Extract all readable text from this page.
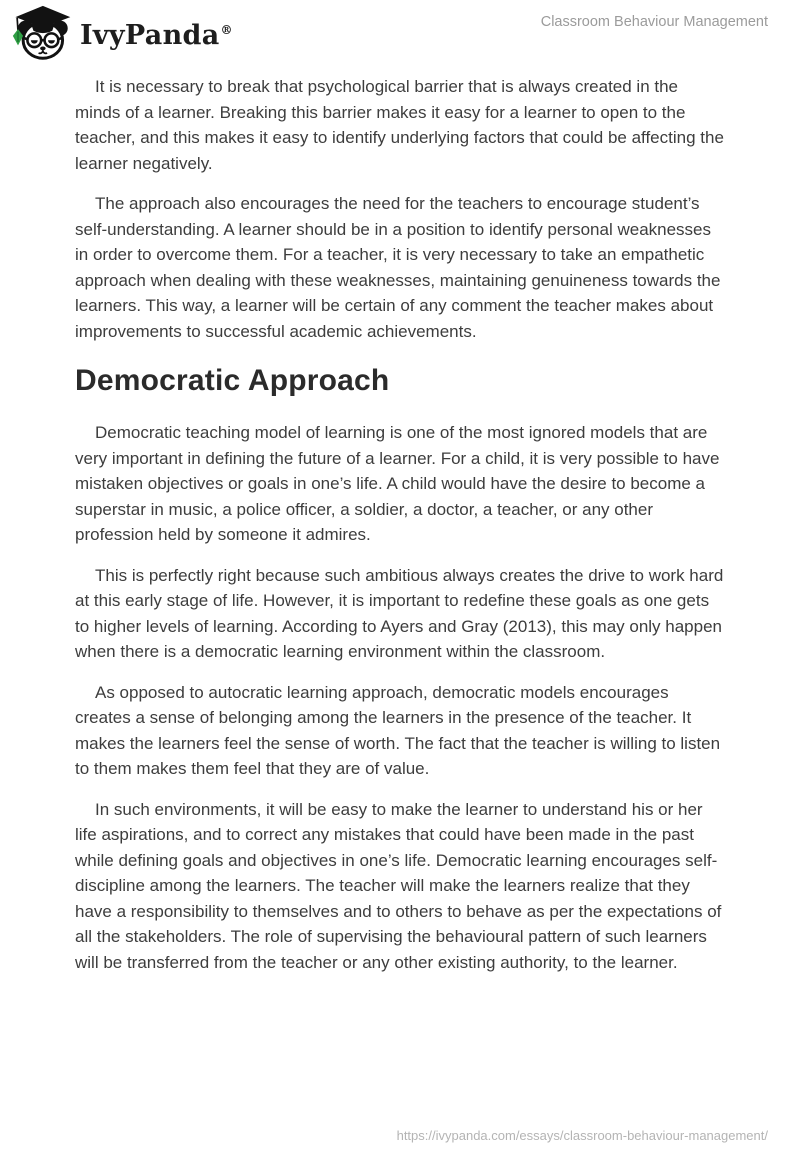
IvyPanda®	Classroom Behaviour Management

It is necessary to break that psychological barrier that is always created in the minds of a learner. Breaking this barrier makes it easy for a learner to open to the teacher, and this makes it easy to identify underlying factors that could be affecting the learner negatively.

The approach also encourages the need for the teachers to encourage student’s self-understanding. A learner should be in a position to identify personal weaknesses in order to overcome them. For a teacher, it is very necessary to take an empathetic approach when dealing with these weaknesses, maintaining genuineness towards the learners. This way, a learner will be certain of any comment the teacher makes about improvements to successful academic achievements.

Democratic Approach

Democratic teaching model of learning is one of the most ignored models that are very important in defining the future of a learner. For a child, it is very possible to have mistaken objectives or goals in one’s life. A child would have the desire to become a superstar in music, a police officer, a soldier, a doctor, a teacher, or any other profession held by someone it admires.

This is perfectly right because such ambitious always creates the drive to work hard at this early stage of life. However, it is important to redefine these goals as one gets to higher levels of learning. According to Ayers and Gray (2013), this may only happen when there is a democratic learning environment within the classroom.

As opposed to autocratic learning approach, democratic models encourages creates a sense of belonging among the learners in the presence of the teacher. It makes the learners feel the sense of worth. The fact that the teacher is willing to listen to them makes them feel that they are of value.

In such environments, it will be easy to make the learner to understand his or her life aspirations, and to correct any mistakes that could have been made in the past while defining goals and objectives in one’s life. Democratic learning encourages self-discipline among the learners. The teacher will make the learners realize that they have a responsibility to themselves and to others to behave as per the expectations of all the stakeholders. The role of supervising the behavioural pattern of such learners will be transferred from the teacher or any other existing authority, to the learner.

https://ivypanda.com/essays/classroom-behaviour-management/
